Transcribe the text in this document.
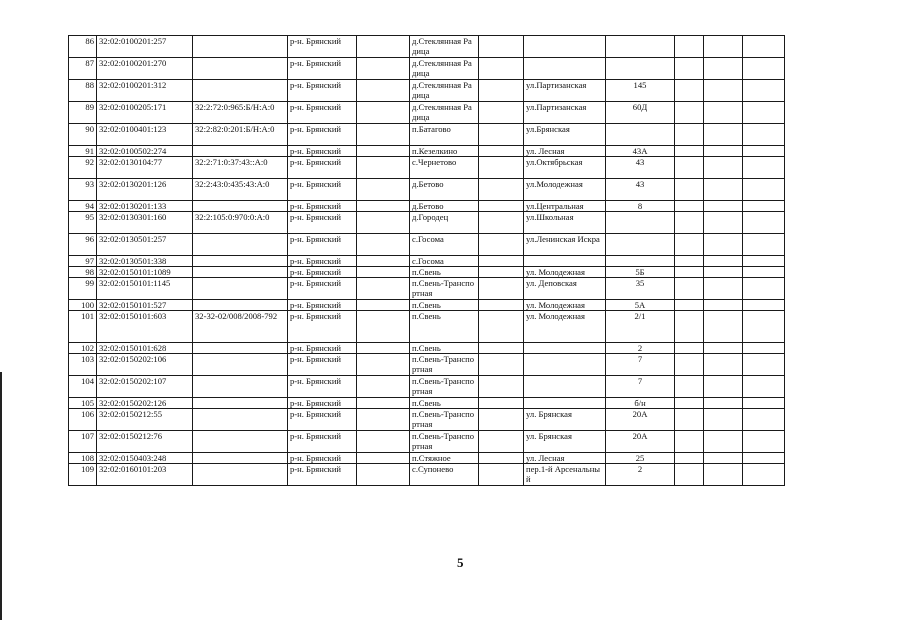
86	32:02:0100201:257		р-н. Брянский		д.Стеклянная Радица						
87	32:02:0100201:270		р-н. Брянский		д.Стеклянная Радица						
88	32:02:0100201:312		р-н. Брянский		д.Стеклянная Радица		ул.Партизанская	145			
89	32:02:0100205:171	32:2:72:0:965:Б/Н:А:0	р-н. Брянский		д.Стеклянная Радица		ул.Партизанская	60Д			
90	32:02:0100401:123	32:2:82:0:201:Б/Н:А:0	р-н. Брянский		п.Батагово		ул.Брянская				
91	32:02:0100502:274		р-н. Брянский		п.Кезелкино		ул. Лесная	43А			
92	32:02:0130104:77	32:2:71:0:37:43::А:0	р-н. Брянский		с.Чернетово		ул.Октябрьская	43			
93	32:02:0130201:126	32:2:43:0:435:43:А:0	р-н. Брянский		д.Бетово		ул.Молодежная	43			
94	32:02:0130201:133		р-н. Брянский		д.Бетово		ул.Центральная	8			
95	32:02:0130301:160	32:2:105:0:970:0:А:0	р-н. Брянский		д.Городец		ул.Школьная				
96	32:02:0130501:257		р-н. Брянский		с.Госома		ул.Ленинская Искра				
97	32:02:0130501:338		р-н. Брянский		с.Госома						
98	32:02:0150101:1089		р-н. Брянский		п.Свень		ул. Молодежная	5Б			
99	32:02:0150101:1145		р-н. Брянский		п.Свень-Транспортная		ул. Деповская	35			
100	32:02:0150101:527		р-н. Брянский		п.Свень		ул. Молодежная	5А			
101	32:02:0150101:603	32-32-02/008/2008-792	р-н. Брянский		п.Свень		ул. Молодежная	2/1			
102	32:02:0150101:628		р-н. Брянский		п.Свень			2			
103	32:02:0150202:106		р-н. Брянский		п.Свень-Транспортная			7			
104	32:02:0150202:107		р-н. Брянский		п.Свень-Транспортная			7			
105	32:02:0150202:126		р-н. Брянский		п.Свень			б/н			
106	32:02:0150212:55		р-н. Брянский		п.Свень-Транспортная		ул. Брянская	20А			
107	32:02:0150212:76		р-н. Брянский		п.Свень-Транспортная		ул. Брянская	20А			
108	32:02:0150403:248		р-н. Брянский		п.Стяжное		ул. Лесная	25			
109	32:02:0160101:203		р-н. Брянский		с.Супонево		пер.1-й Арсенальный	2			
5
